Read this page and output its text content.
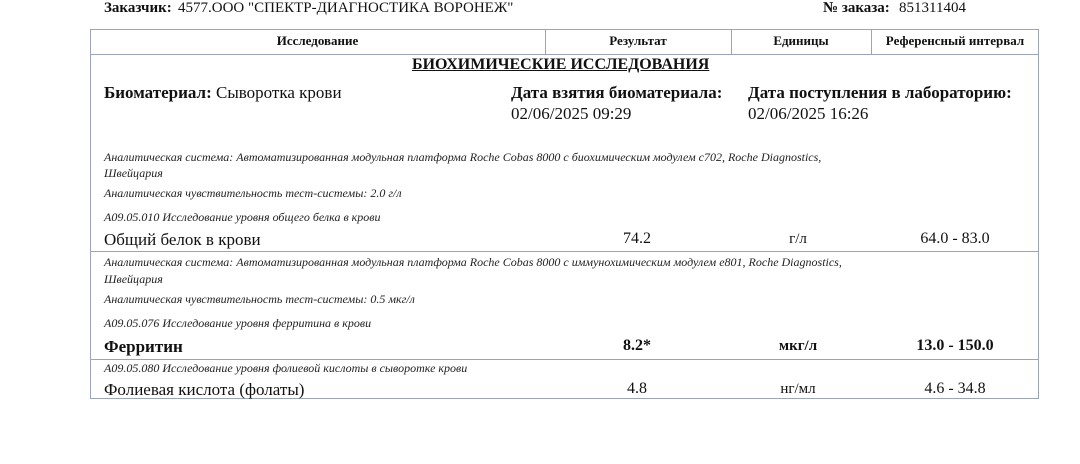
Заказчик: 4577.ООО "СПЕКТР-ДИАГНОСТИКА ВОРОНЕЖ"	№ заказа: 851311404
Исследование	Результат	Единицы	Референсный интервал
БИОХИМИЧЕСКИЕ ИССЛЕДОВАНИЯ
Биоматериал: Сыворотка крови	Дата взятия биоматериала:
02/06/2025 09:29
Дата поступления в лабораторию:
02/06/2025 16:26
Аналитическая система: Автоматизированная модульная платформа Roche Cobas 8000 с биохимическим модулем c702, Roche Diagnostics,
Швейцария
Аналитическая чувствительность тест-системы: 2.0 г/л
A09.05.010 Исследование уровня общего белка в крови
Общий белок в крови	74.2	г/л	64.0 - 83.0
Аналитическая система: Автоматизированная модульная платформа Roche Cobas 8000 с иммунохимическим модулем e801, Roche Diagnostics,
Швейцария
Аналитическая чувствительность тест-системы: 0.5 мкг/л
A09.05.076 Исследование уровня ферритина в крови
Ферритин	8.2*	мкг/л	13.0 - 150.0
A09.05.080 Исследование уровня фолиевой кислоты в сыворотке крови
Фолиевая кислота (фолаты)	4.8	нг/мл	4.6 - 34.8
